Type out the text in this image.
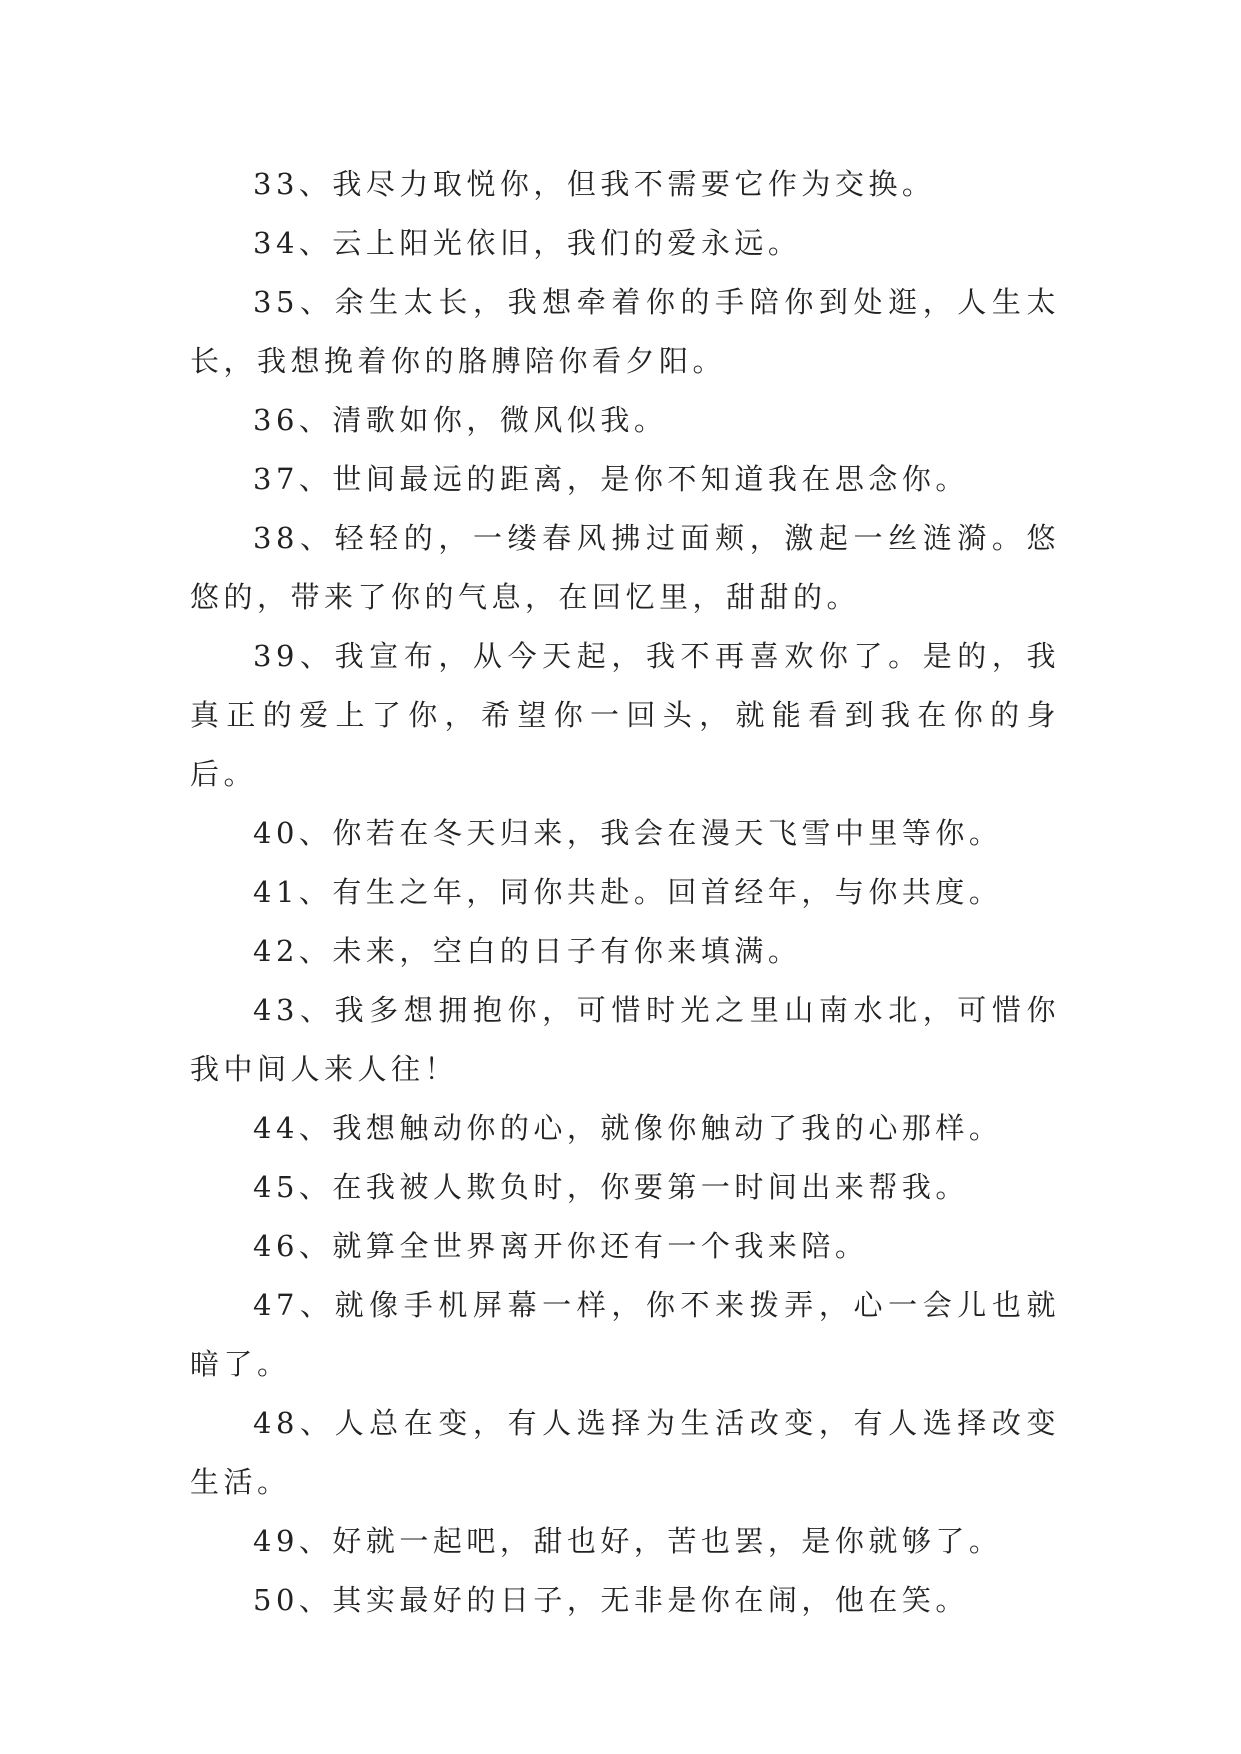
33、我尽力取悦你，但我不需要它作为交换。

34、云上阳光依旧，我们的爱永远。

35、余生太长，我想牵着你的手陪你到处逛，人生太长，我想挽着你的胳膊陪你看夕阳。

36、清歌如你，微风似我。

37、世间最远的距离，是你不知道我在思念你。

38、轻轻的，一缕春风拂过面颊，激起一丝涟漪。悠悠的，带来了你的气息，在回忆里，甜甜的。

39、我宣布，从今天起，我不再喜欢你了。是的，我真正的爱上了你，希望你一回头，就能看到我在你的身后。

40、你若在冬天归来，我会在漫天飞雪中里等你。

41、有生之年，同你共赴。回首经年，与你共度。

42、未来，空白的日子有你来填满。

43、我多想拥抱你，可惜时光之里山南水北，可惜你我中间人来人往！

44、我想触动你的心，就像你触动了我的心那样。

45、在我被人欺负时，你要第一时间出来帮我。

46、就算全世界离开你还有一个我来陪。

47、就像手机屏幕一样，你不来拨弄，心一会儿也就暗了。

48、人总在变，有人选择为生活改变，有人选择改变生活。

49、好就一起吧，甜也好，苦也罢，是你就够了。

50、其实最好的日子，无非是你在闹，他在笑。
